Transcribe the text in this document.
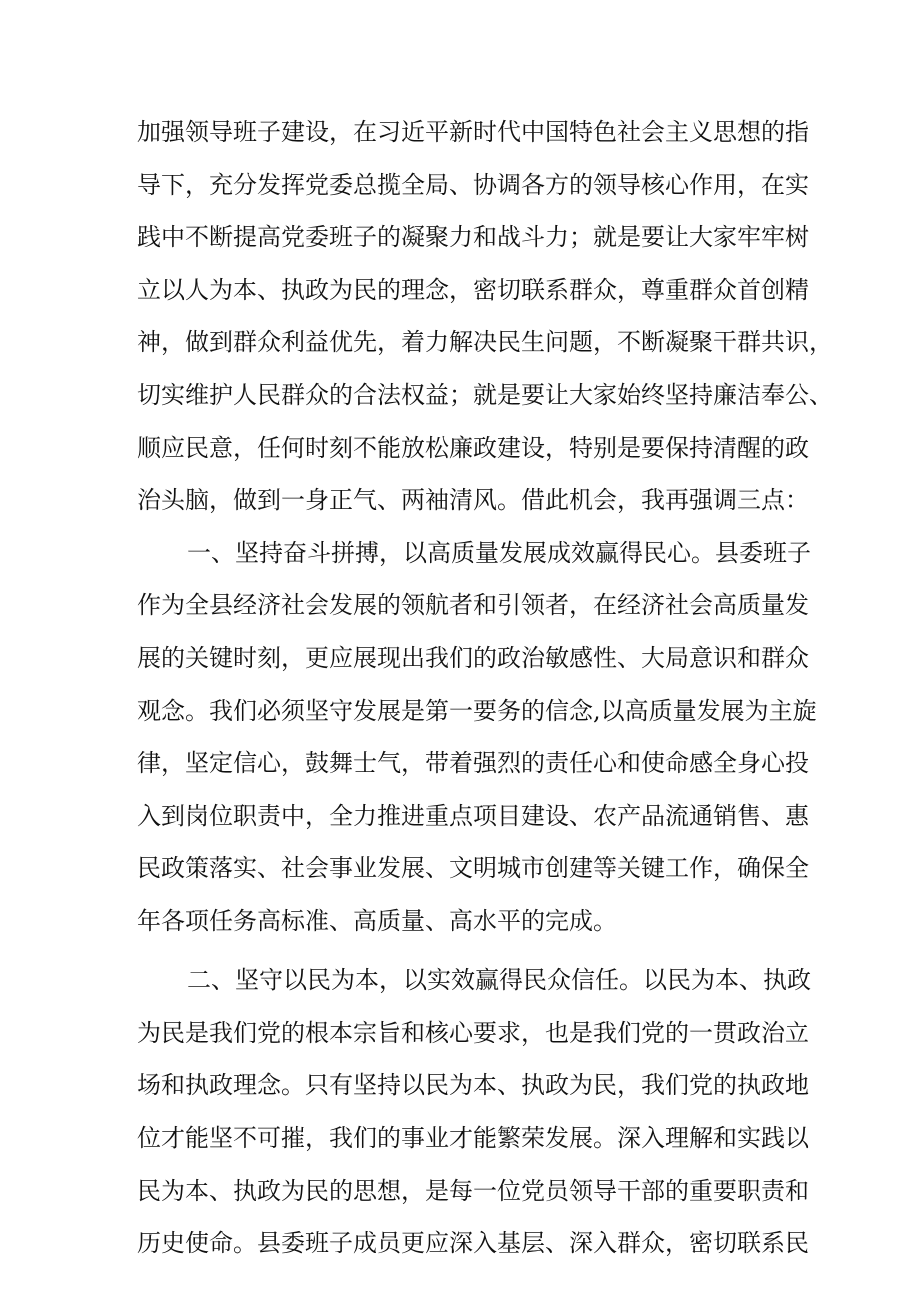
加强领导班子建设，在习近平新时代中国特色社会主义思想的指
导下，充分发挥党委总揽全局、协调各方的领导核心作用，在实
践中不断提高党委班子的凝聚力和战斗力；就是要让大家牢牢树
立以人为本、执政为民的理念，密切联系群众，尊重群众首创精
神，做到群众利益优先，着力解决民生问题，不断凝聚干群共识，
切实维护人民群众的合法权益；就是要让大家始终坚持廉洁奉公、
顺应民意，任何时刻不能放松廉政建设，特别是要保持清醒的政
治头脑，做到一身正气、两袖清风。借此机会，我再强调三点：
一、坚持奋斗拼搏，以高质量发展成效赢得民心。县委班子
作为全县经济社会发展的领航者和引领者，在经济社会高质量发
展的关键时刻，更应展现出我们的政治敏感性、大局意识和群众
观念。我们必须坚守发展是第一要务的信念,以高质量发展为主旋
律，坚定信心，鼓舞士气，带着强烈的责任心和使命感全身心投
入到岗位职责中，全力推进重点项目建设、农产品流通销售、惠
民政策落实、社会事业发展、文明城市创建等关键工作，确保全
年各项任务高标准、高质量、高水平的完成。
二、坚守以民为本，以实效赢得民众信任。以民为本、执政
为民是我们党的根本宗旨和核心要求，也是我们党的一贯政治立
场和执政理念。只有坚持以民为本、执政为民，我们党的执政地
位才能坚不可摧，我们的事业才能繁荣发展。深入理解和实践以
民为本、执政为民的思想，是每一位党员领导干部的重要职责和
历史使命。县委班子成员更应深入基层、深入群众，密切联系民
